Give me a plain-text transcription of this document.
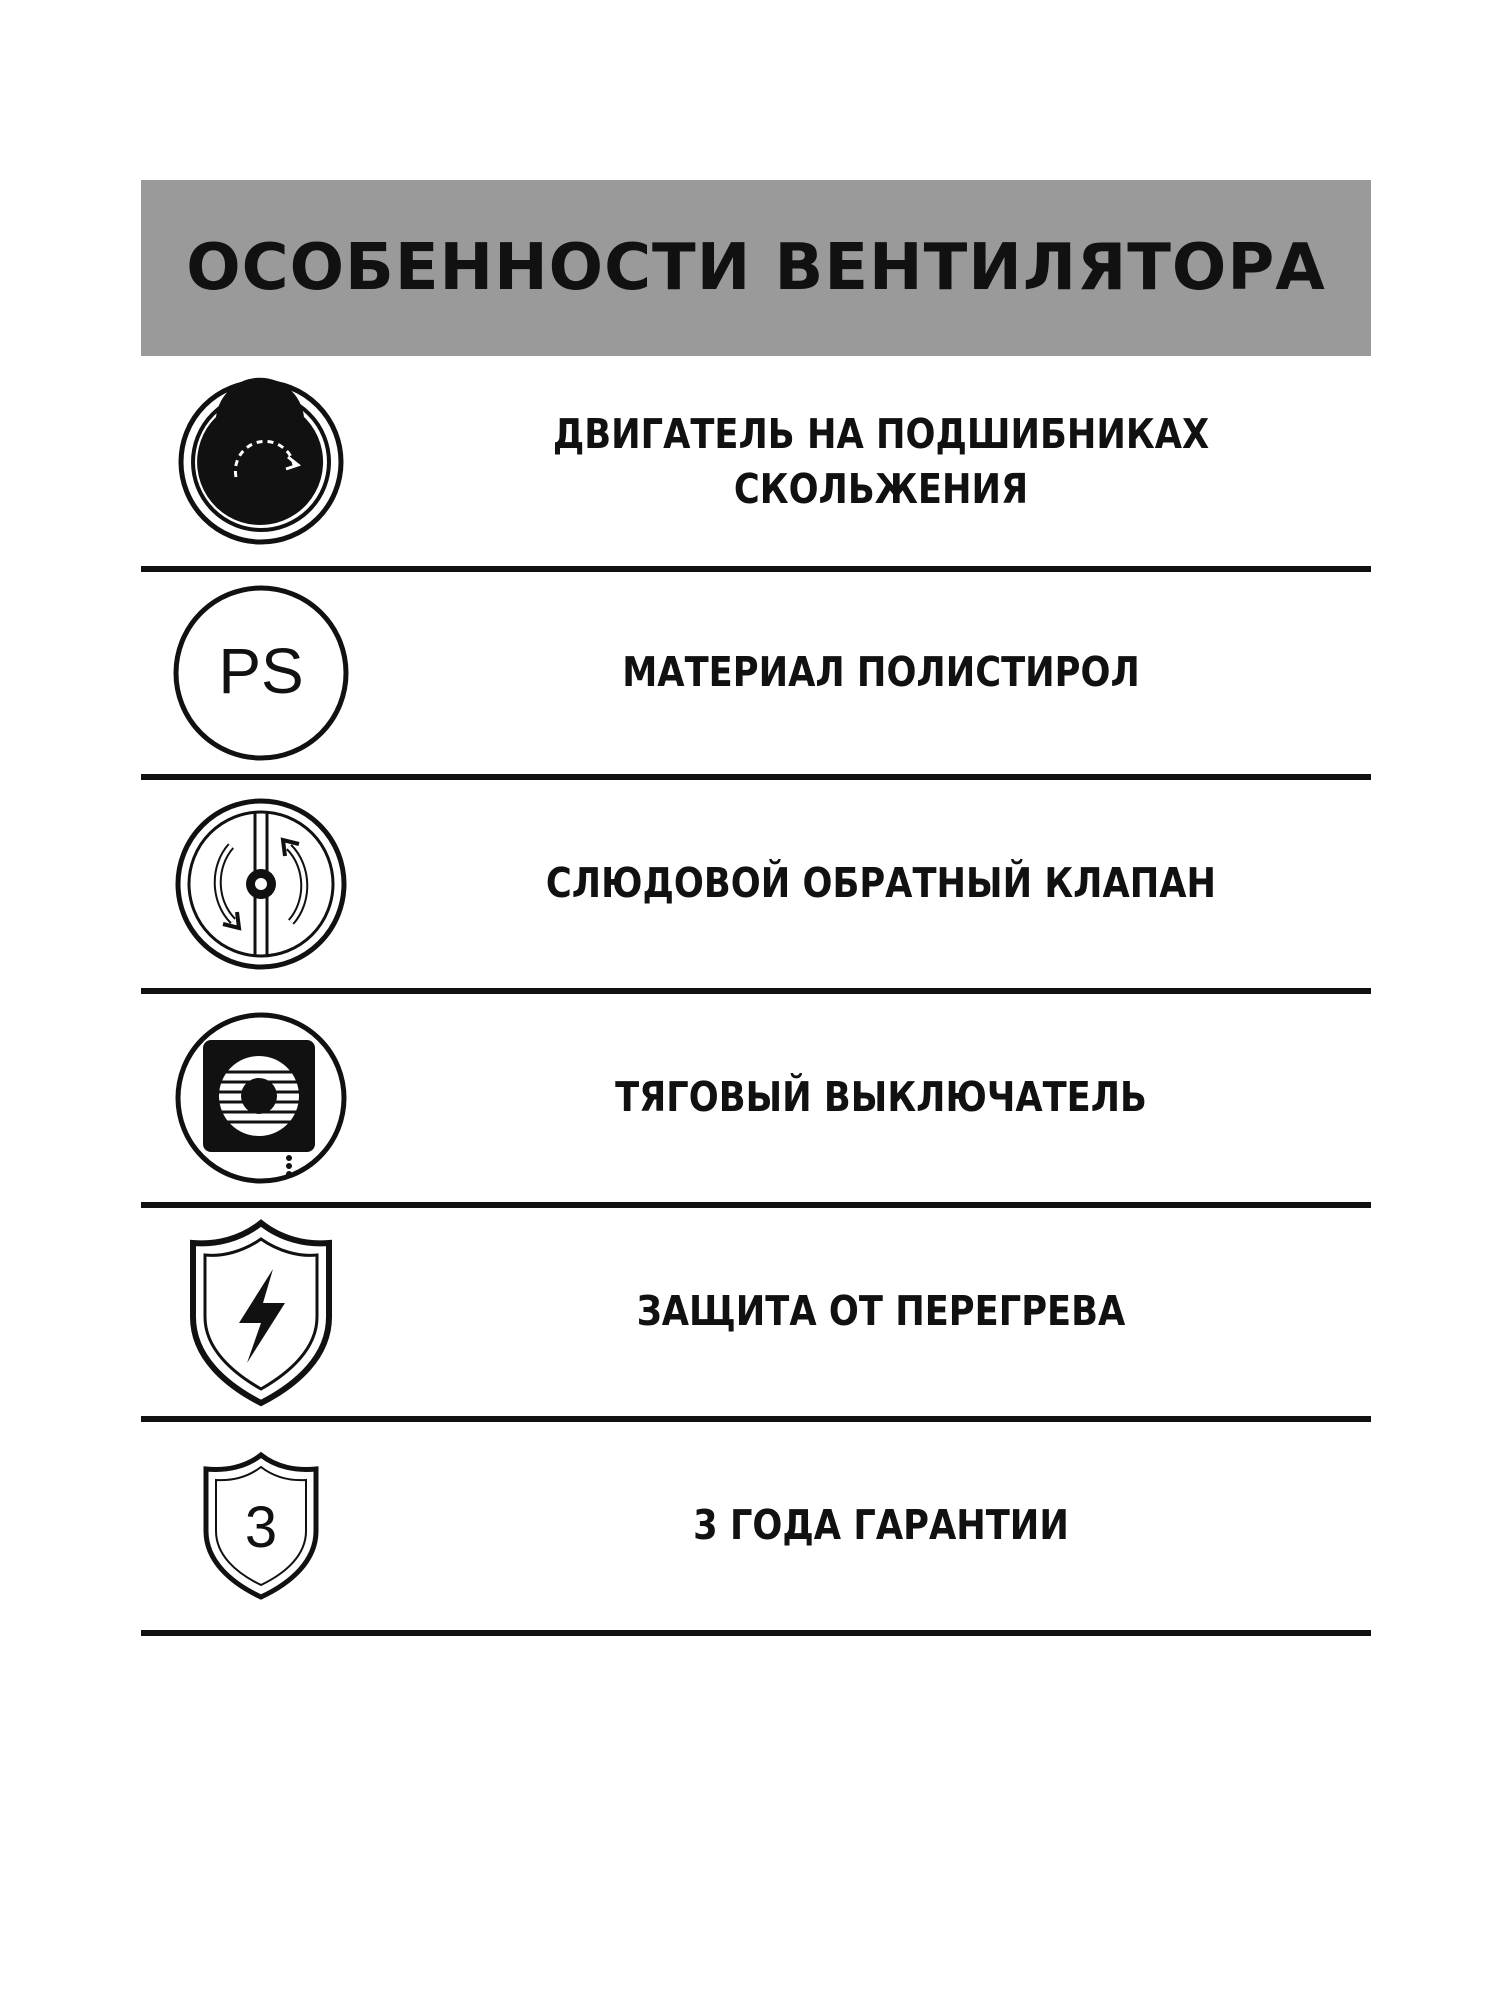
ОСОБЕННОСТИ ВЕНТИЛЯТОРА
ДВИГАТЕЛЬ НА ПОДШИБНИКАХ
СКОЛЬЖЕНИЯ
PS	МАТЕРИАЛ ПОЛИСТИРОЛ
СЛЮДОВОЙ ОБРАТНЫЙ КЛАПАН
ТЯГОВЫЙ ВЫКЛЮЧАТЕЛЬ
ЗАЩИТА ОТ ПЕРЕГРЕВА
3	3 ГОДА ГАРАНТИИ
